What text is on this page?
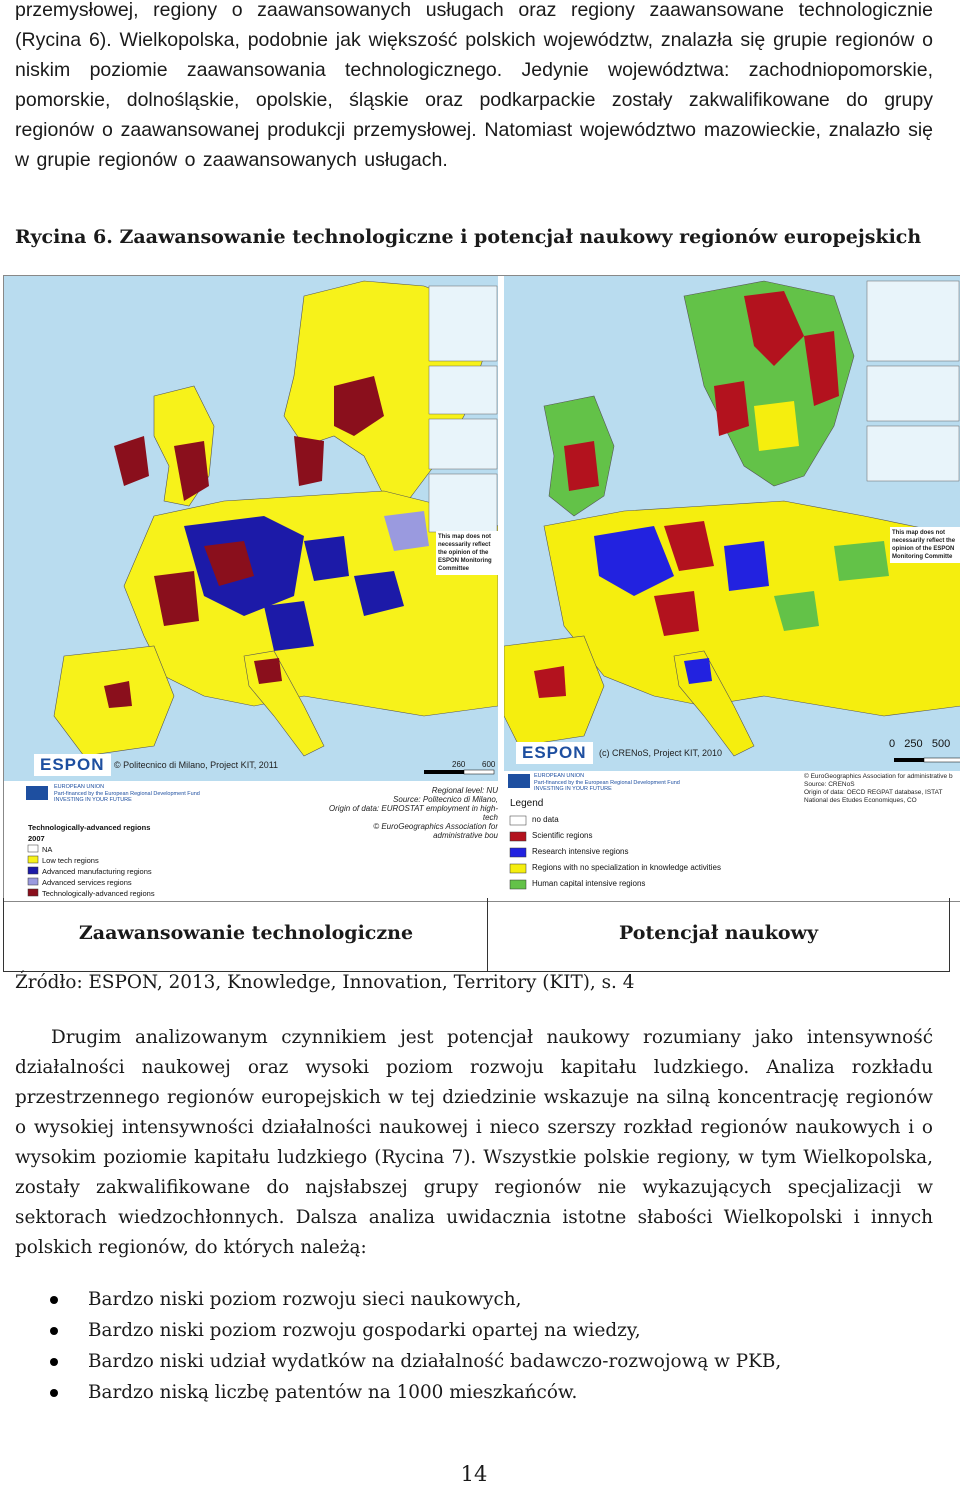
przemysłowej, regiony o zaawansowanych usługach oraz regiony zaawansowane technologicznie (Rycina 6). Wielkopolska, podobnie jak większość polskich województw, znalazła się grupie regionów o niskim poziomie zaawansowania technologicznego. Jedynie województwa: zachodniopomorskie, pomorskie, dolnośląskie, opolskie, śląskie oraz podkarpackie zostały zakwalifikowane do grupy regionów o zaawansowanej produkcji przemysłowej. Natomiast województwo mazowieckie, znalazło się w grupie regionów o zaawansowanych usługach.

Rycina 6. Zaawansowanie technologiczne i potencjał naukowy regionów europejskich

ESPON	© Politecnico di Milano, Project KIT, 2011	260 600
This map does not necessarily reflect the opinion of the ESPON Monitoring Committee
EUROPEAN UNION
Part-financed by the European Regional Development Fund
INVESTING IN YOUR FUTURE
Regional level: NU
Source: Politecnico di Milano,
Origin of data: EUROSTAT employment in high-tech
© EuroGeographics Association for administrative bou
Technologically-advanced regions
2007
NA
Low tech regions
Advanced manufacturing regions
Advanced services regions
Technologically-advanced regions
ESPON	(c) CRENoS, Project KIT, 2010
0 250 500
This map does not necessarily reflect the opinion of the ESPON Monitoring Committe
EUROPEAN UNION
Part-financed by the European Regional Development Fund
INVESTING IN YOUR FUTURE
© EuroGeographics Association for administrative b
Source: CRENoS
Origin of data: OECD REGPAT database, ISTAT
National des Etudes Economiques, CO
Legend
no data
Scientific regions
Research intensive regions
Regions with no specialization in knowledge activities
Human capital intensive regions
Zaawansowanie technologiczne	Potencjał naukowy

Źródło: ESPON, 2013, Knowledge, Innovation, Territory (KIT), s. 4

Drugim analizowanym czynnikiem jest potencjał naukowy rozumiany jako intensywność działalności naukowej oraz wysoki poziom rozwoju kapitału ludzkiego. Analiza rozkładu przestrzennego regionów europejskich w tej dziedzinie wskazuje na silną koncentrację regionów o wysokiej intensywności działalności naukowej i nieco szerszy rozkład regionów naukowych i o wysokim poziomie kapitału ludzkiego (Rycina 7). Wszystkie polskie regiony, w tym Wielkopolska, zostały zakwalifikowane do najsłabszej grupy regionów nie wykazujących specjalizacji w sektorach wiedzochłonnych. Dalsza analiza uwidacznia istotne słabości Wielkopolski i innych polskich regionów, do których należą:

Bardzo niski poziom rozwoju sieci naukowych,
Bardzo niski poziom rozwoju gospodarki opartej na wiedzy,
Bardzo niski udział wydatków na działalność badawczo-rozwojową w PKB,
Bardzo niską liczbę patentów na 1000 mieszkańców.
14
